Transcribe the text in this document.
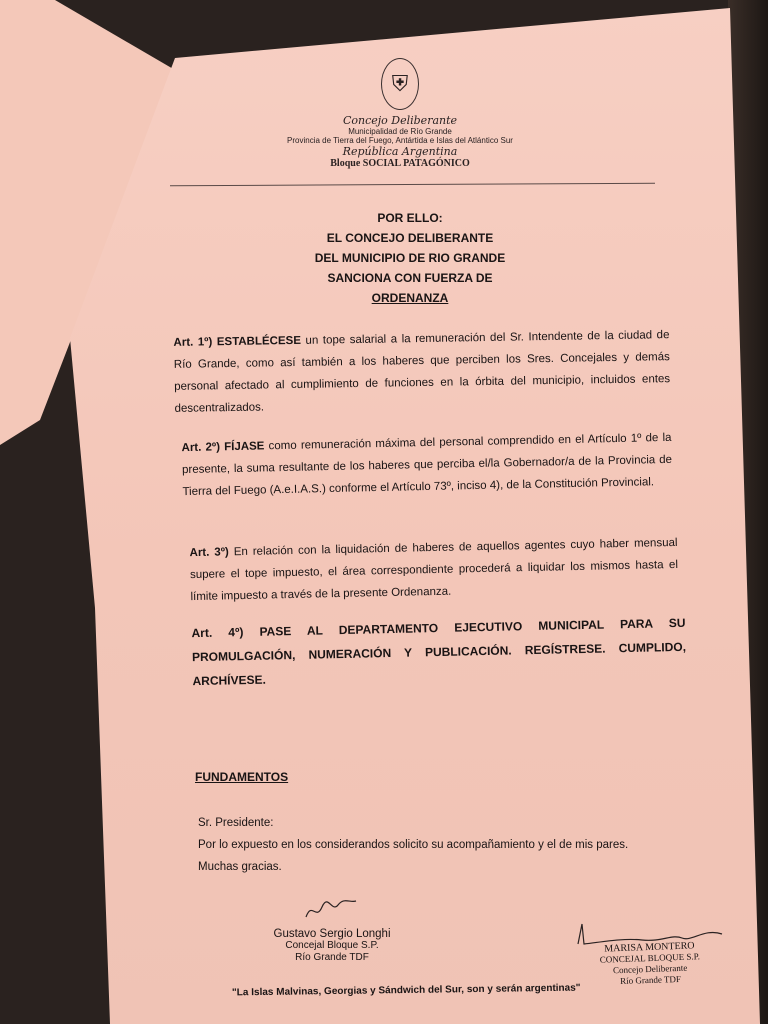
⛨
Concejo Deliberante
Municipalidad de Río Grande
Provincia de Tierra del Fuego, Antártida e Islas del Atlántico Sur
República Argentina
Bloque SOCIAL PATAGÓNICO
POR ELLO:
EL CONCEJO DELIBERANTE
DEL MUNICIPIO DE RIO GRANDE
SANCIONA CON FUERZA DE
ORDENANZA
Art. 1º) ESTABLÉCESE un tope salarial a la remuneración del Sr. Intendente de la ciudad de Río Grande, como así también a los haberes que perciben los Sres. Concejales y demás personal afectado al cumplimiento de funciones en la órbita del municipio, incluidos entes descentralizados.
Art. 2º) FÍJASE como remuneración máxima del personal comprendido en el Artículo 1º de la presente, la suma resultante de los haberes que perciba el/la Gobernador/a de la Provincia de Tierra del Fuego (A.e.I.A.S.) conforme el Artículo 73º, inciso 4), de la Constitución Provincial.
Art. 3º) En relación con la liquidación de haberes de aquellos agentes cuyo haber mensual supere el tope impuesto, el área correspondiente procederá a liquidar los mismos hasta el límite impuesto a través de la presente Ordenanza.
Art. 4º) PASE AL DEPARTAMENTO EJECUTIVO MUNICIPAL PARA SU PROMULGACIÓN, NUMERACIÓN Y PUBLICACIÓN. REGÍSTRESE. CUMPLIDO, ARCHÍVESE.
FUNDAMENTOS
Sr. Presidente:
Por lo expuesto en los considerandos solicito su acompañamiento y el de mis pares.
Muchas gracias.
Gustavo Sergio Longhi
Concejal Bloque S.P.
Río Grande TDF
MARISA MONTERO
CONCEJAL BLOQUE S.P.
Concejo Deliberante
Río Grande TDF
"La Islas Malvinas, Georgias y Sándwich del Sur, son y serán argentinas"
